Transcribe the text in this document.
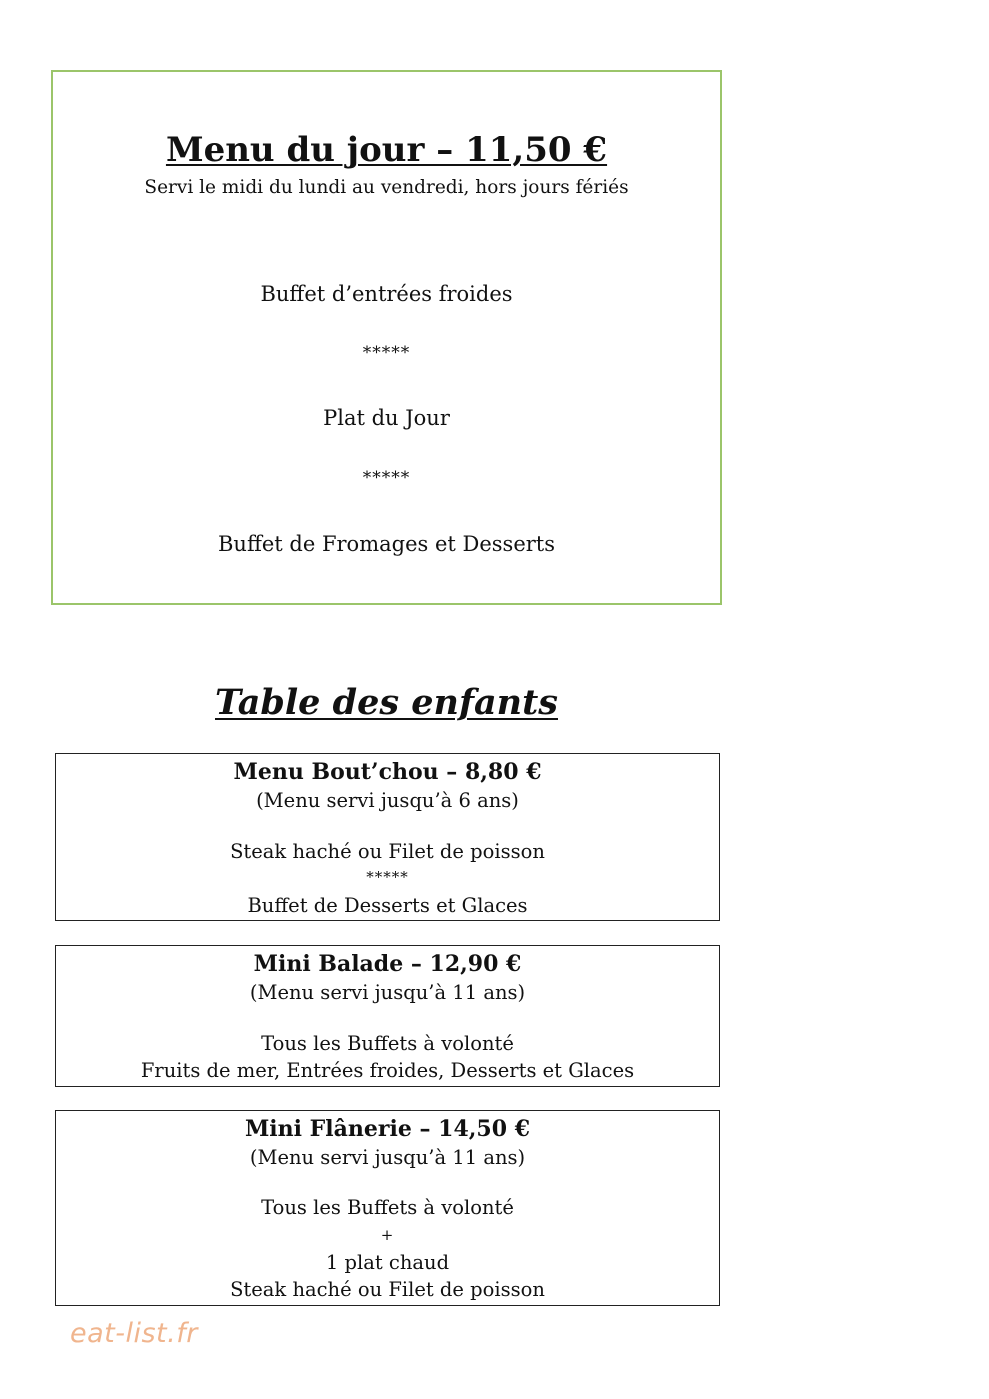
Menu du jour – 11,50 €
Servi le midi du lundi au vendredi, hors jours fériés
Buffet d’entrées froides
*****
Plat du Jour
*****
Buffet de Fromages et Desserts
Table des enfants
Menu Bout’chou – 8,80 €
(Menu servi jusqu’à 6 ans)
Steak haché ou Filet de poisson
*****
Buffet de Desserts et Glaces
Mini Balade – 12,90 €
(Menu servi jusqu’à 11 ans)
Tous les Buffets à volonté
Fruits de mer, Entrées froides, Desserts et Glaces
Mini Flânerie – 14,50 €
(Menu servi jusqu’à 11 ans)
Tous les Buffets à volonté
+
1 plat chaud
Steak haché ou Filet de poisson
eat-list.fr
